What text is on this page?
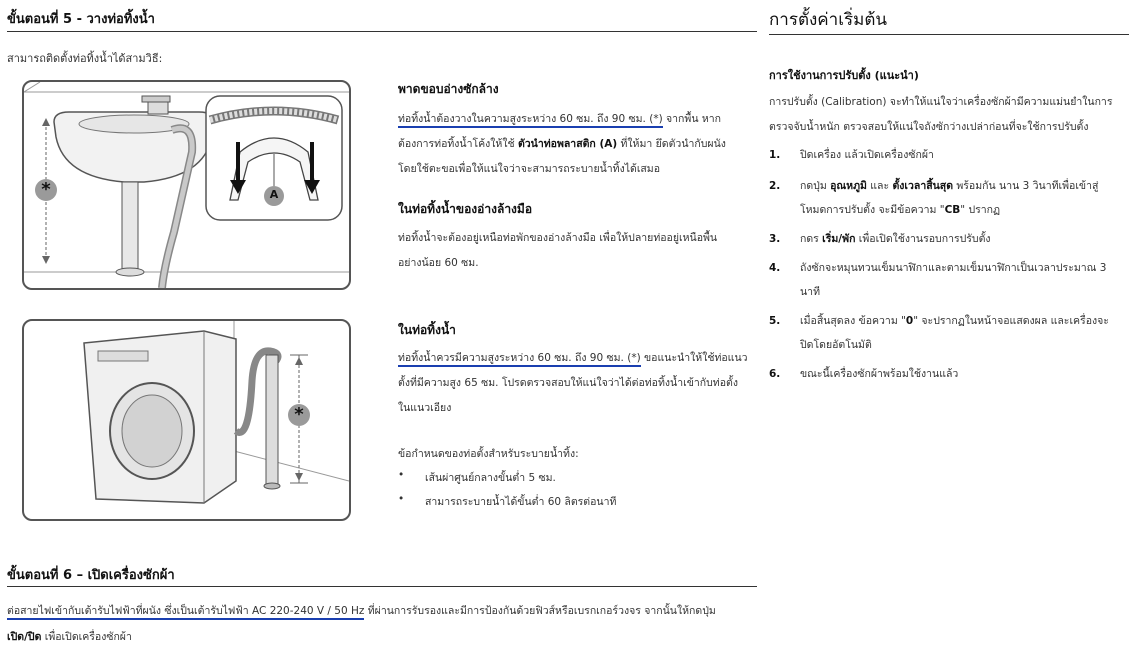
ขั้นตอนที่ 5 - วางท่อทิ้งน้ำ
สามารถติดตั้งท่อทิ้งน้ำได้สามวิธี:
*	A
*
พาดขอบอ่างซักล้าง
ท่อทิ้งน้ำต้องวางในความสูงระหว่าง 60 ซม. ถึง 90 ซม. (*) จากพื้น หาก
ต้องการท่อทิ้งน้ำโค้งให้ใช้ ตัวนำท่อพลาสติก (A) ที่ให้มา ยึดตัวนำกับผนัง
โดยใช้ตะขอเพื่อให้แน่ใจว่าจะสามารถระบายน้ำทิ้งได้เสมอ
ในท่อทิ้งน้ำของอ่างล้างมือ
ท่อทิ้งน้ำจะต้องอยู่เหนือท่อพักของอ่างล้างมือ เพื่อให้ปลายท่ออยู่เหนือพื้น
อย่างน้อย 60 ซม.
ในท่อทิ้งน้ำ
ท่อทิ้งน้ำควรมีความสูงระหว่าง 60 ซม. ถึง 90 ซม. (*) ขอแนะนำให้ใช้ท่อแนว
ตั้งที่มีความสูง 65 ซม. โปรดตรวจสอบให้แน่ใจว่าได้ต่อท่อทิ้งน้ำเข้ากับท่อตั้ง
ในแนวเอียง
ข้อกำหนดของท่อตั้งสำหรับระบายน้ำทิ้ง:
• เส้นผ่าศูนย์กลางขั้นต่ำ 5 ซม.
• สามารถระบายน้ำได้ขั้นต่ำ 60 ลิตรต่อนาที
ขั้นตอนที่ 6 – เปิดเครื่องซักผ้า
ต่อสายไฟเข้ากับเต้ารับไฟฟ้าที่ผนัง ซึ่งเป็นเต้ารับไฟฟ้า AC 220-240 V / 50 Hz ที่ผ่านการรับรองและมีการป้องกันด้วยฟิวส์หรือเบรกเกอร์วงจร จากนั้นให้กดปุ่ม
เปิด/ปิด เพื่อเปิดเครื่องซักผ้า
การตั้งค่าเริ่มต้น
การใช้งานการปรับตั้ง (แนะนำ)
การปรับตั้ง (Calibration) จะทำให้แน่ใจว่าเครื่องซักผ้ามีความแม่นยำในการ
ตรวจจับน้ำหนัก ตรวจสอบให้แน่ใจถังซักว่างเปล่าก่อนที่จะใช้การปรับตั้ง
1. ปิดเครื่อง แล้วเปิดเครื่องซักผ้า
2. กดปุ่ม อุณหภูมิ และ ตั้งเวลาสิ้นสุด พร้อมกัน นาน 3 วินาทีเพื่อเข้าสู่
โหมดการปรับตั้ง จะมีข้อความ "CB" ปรากฏ
3. กดร เริ่ม/พัก เพื่อเปิดใช้งานรอบการปรับตั้ง
4. ถังซักจะหมุนทวนเข็มนาฬิกาและตามเข็มนาฬิกาเป็นเวลาประมาณ 3
นาที
5. เมื่อสิ้นสุดลง ข้อความ "0" จะปรากฏในหน้าจอแสดงผล และเครื่องจะ
ปิดโดยอัตโนมัติ
6. ขณะนี้เครื่องซักผ้าพร้อมใช้งานแล้ว
